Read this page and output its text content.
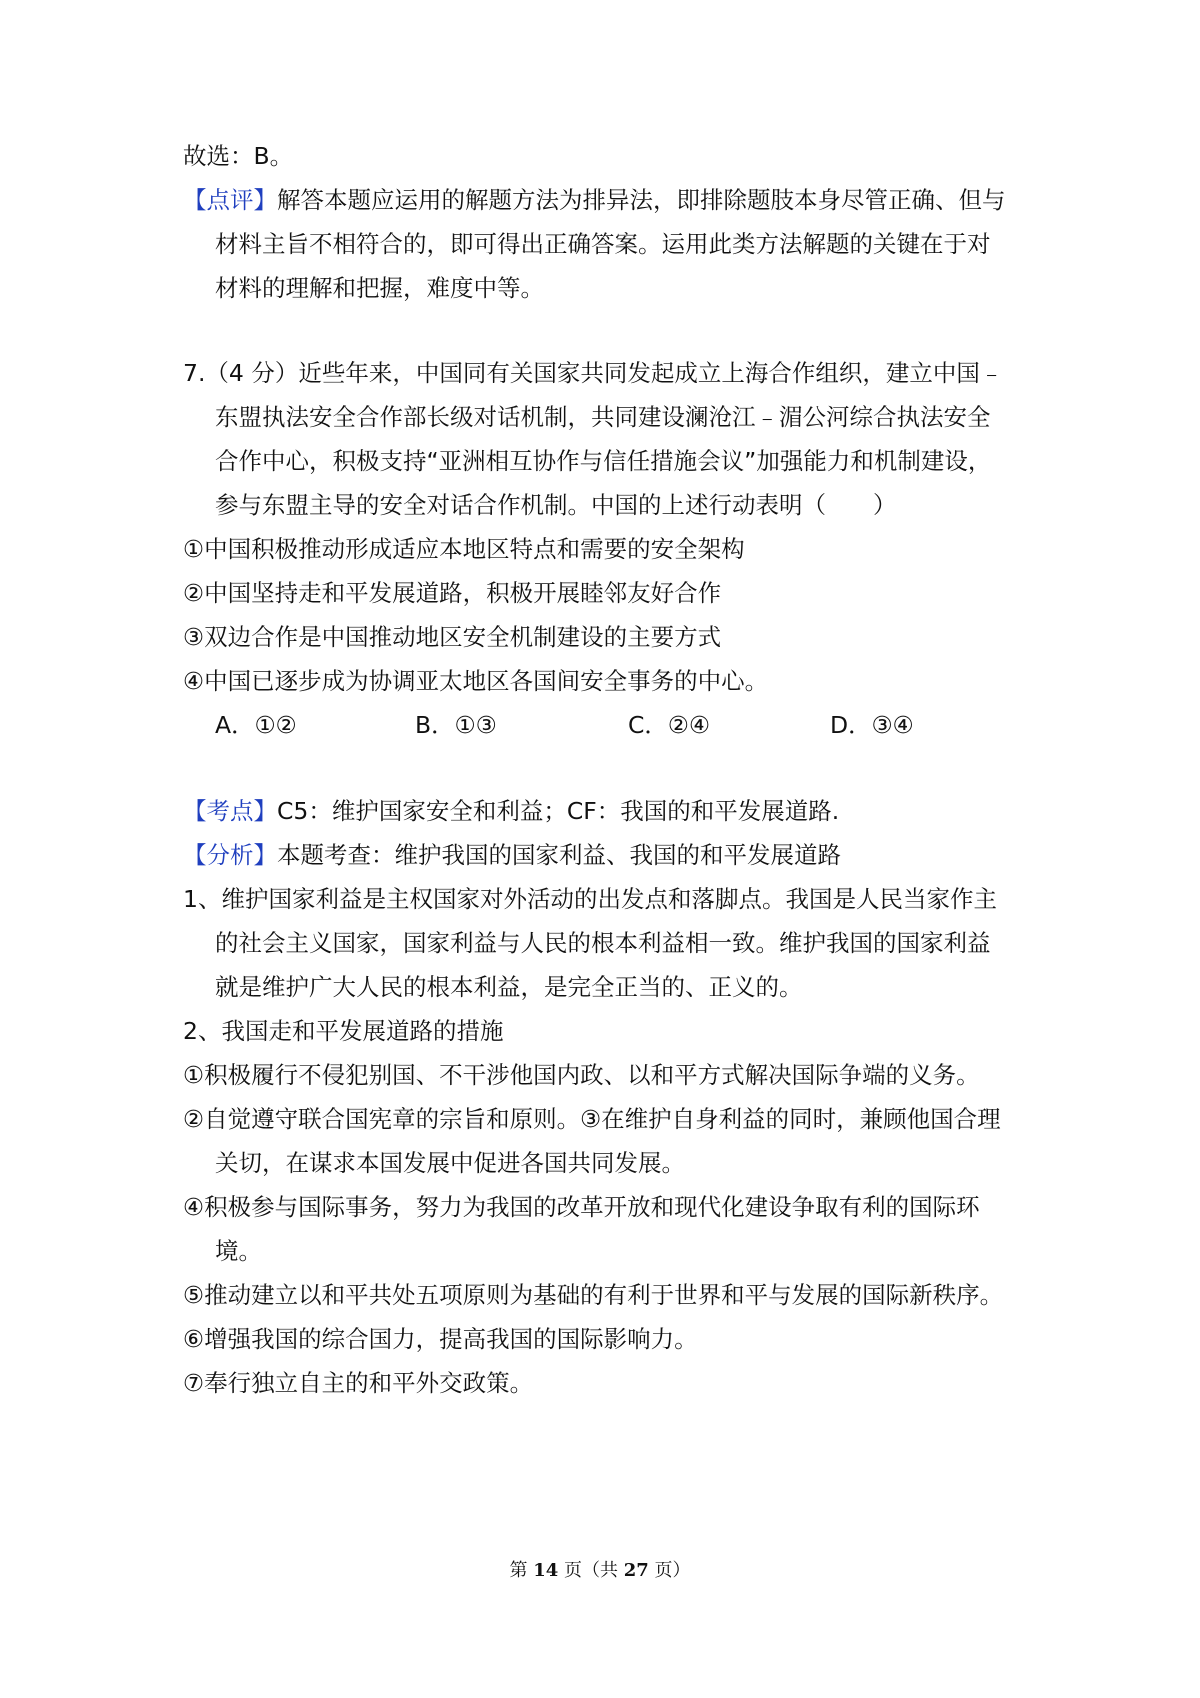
故选：B。
【点评】解答本题应运用的解题方法为排异法，即排除题肢本身尽管正确、但与
材料主旨不相符合的，即可得出正确答案。运用此类方法解题的关键在于对
材料的理解和把握，难度中等。
7.（4 分）近些年来，中国同有关国家共同发起成立上海合作组织，建立中国﹣
东盟执法安全合作部长级对话机制，共同建设澜沧江﹣湄公河综合执法安全
合作中心，积极支持“亚洲相互协作与信任措施会议”加强能力和机制建设，
参与东盟主导的安全对话合作机制。中国的上述行动表明（　　）
①中国积极推动形成适应本地区特点和需要的安全架构
②中国坚持走和平发展道路，积极开展睦邻友好合作
③双边合作是中国推动地区安全机制建设的主要方式
④中国已逐步成为协调亚太地区各国间安全事务的中心。
A．①②	B．①③	C．②④	D．③④
【考点】C5：维护国家安全和利益；CF：我国的和平发展道路.
【分析】本题考查：维护我国的国家利益、我国的和平发展道路
1、维护国家利益是主权国家对外活动的出发点和落脚点。我国是人民当家作主
的社会主义国家，国家利益与人民的根本利益相一致。维护我国的国家利益
就是维护广大人民的根本利益，是完全正当的、正义的。
2、我国走和平发展道路的措施
①积极履行不侵犯别国、不干涉他国内政、以和平方式解决国际争端的义务。
②自觉遵守联合国宪章的宗旨和原则。③在维护自身利益的同时，兼顾他国合理
关切，在谋求本国发展中促进各国共同发展。
④积极参与国际事务，努力为我国的改革开放和现代化建设争取有利的国际环
境。
⑤推动建立以和平共处五项原则为基础的有利于世界和平与发展的国际新秩序。
⑥增强我国的综合国力，提高我国的国际影响力。
⑦奉行独立自主的和平外交政策。
第 14 页（共 27 页）
